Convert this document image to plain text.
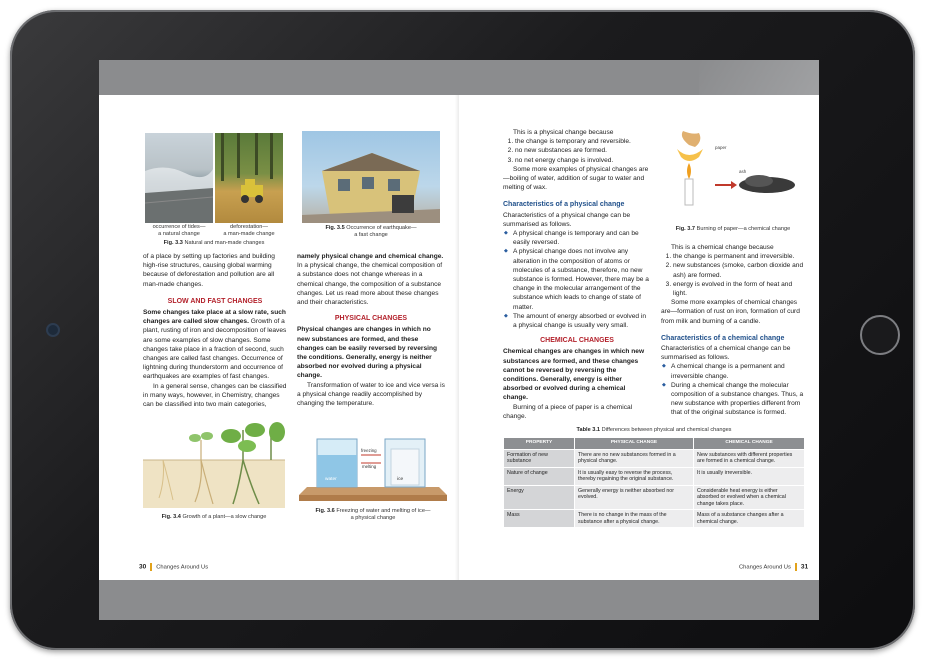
occurrence of tides—
a natural change
deforestation—
a man-made change
Fig. 3.3 Natural and man-made changes
Fig. 3.5 Occurrence of earthquake—
a fast change

of a place by setting up factories and building high-rise structures, causing global warming because of deforestation and pollution are all man-made changes.

SLOW AND FAST CHANGES

Some changes take place at a slow rate, such changes are called slow changes. Growth of a plant, rusting of iron and decomposition of leaves are some examples of slow changes. Some changes take place in a fraction of second, such changes are called fast changes. Occurrence of lightning during thunderstorm and occurrence of earthquakes are examples of fast changes.

In a general sense, changes can be classified in many ways, however, in Chemistry, changes can be classified into two main categories,

namely physical change and chemical change. In a physical change, the chemical composition of a substance does not change whereas in a chemical change, the composition of a substance changes. Let us read more about these changes and their characteristics.

PHYSICAL CHANGES

Physical changes are changes in which no new substances are formed, and these changes can be easily reversed by reversing the conditions. Generally, energy is neither absorbed nor evolved during a physical change.

Transformation of water to ice and vice versa is a physical change readily accomplished by changing the temperature.

Fig. 3.4 Growth of a plant—a slow change
water	ice
freezing
melting
Fig. 3.6 Freezing of water and melting of ice—
a physical change
30 Changes Around Us

This is a physical change because

1. the change is temporary and reversible.
2. no new substances are formed.
3. no net energy change is involved.

Some more examples of physical changes are—boiling of water, addition of sugar to water and melting of wax.

Characteristics of a physical change

Characteristics of a physical change can be summarised as follows.

◆ A physical change is temporary and can be easily reversed.
◆ A physical change does not involve any alteration in the composition of atoms or molecules of a substance, therefore, no new substance is formed. However, there may be a change in the molecular arrangement of the substance which leads to change of state of matter.
◆ The amount of energy absorbed or evolved in a physical change is usually very small.
CHEMICAL CHANGES

Chemical changes are changes in which new substances are formed, and these changes cannot be reversed by reversing the conditions. Generally, energy is either absorbed or evolved during a chemical change.

Burning of a piece of paper is a chemical change.

paper
ash
Fig. 3.7 Burning of paper—a chemical change

This is a chemical change because

1. the change is permanent and irreversible.
2. new substances (smoke, carbon dioxide and ash) are formed.
3. energy is evolved in the form of heat and light.

Some more examples of chemical changes are—formation of rust on iron, formation of curd from milk and burning of a candle.

Characteristics of a chemical change

Characteristics of a chemical change can be summarised as follows.

◆ A chemical change is a permanent and irreversible change.
◆ During a chemical change the molecular composition of a substance changes. Thus, a new substance with properties different from that of the original substance is formed.
Table 3.1 Differences between physical and chemical changes
PROPERTY	PHYSICAL CHANGE	CHEMICAL CHANGE
Formation of new substance	There are no new substances formed in a physical change.	New substances with different properties are formed in a chemical change.
Nature of change	It is usually easy to reverse the process, thereby regaining the original substance.	It is usually irreversible.
Energy	Generally energy is neither absorbed nor evolved.	Considerable heat energy is either absorbed or evolved when a chemical change takes place.
Mass	There is no change in the mass of the substance after a physical change.	Mass of a substance changes after a chemical change.
Changes Around Us 31
